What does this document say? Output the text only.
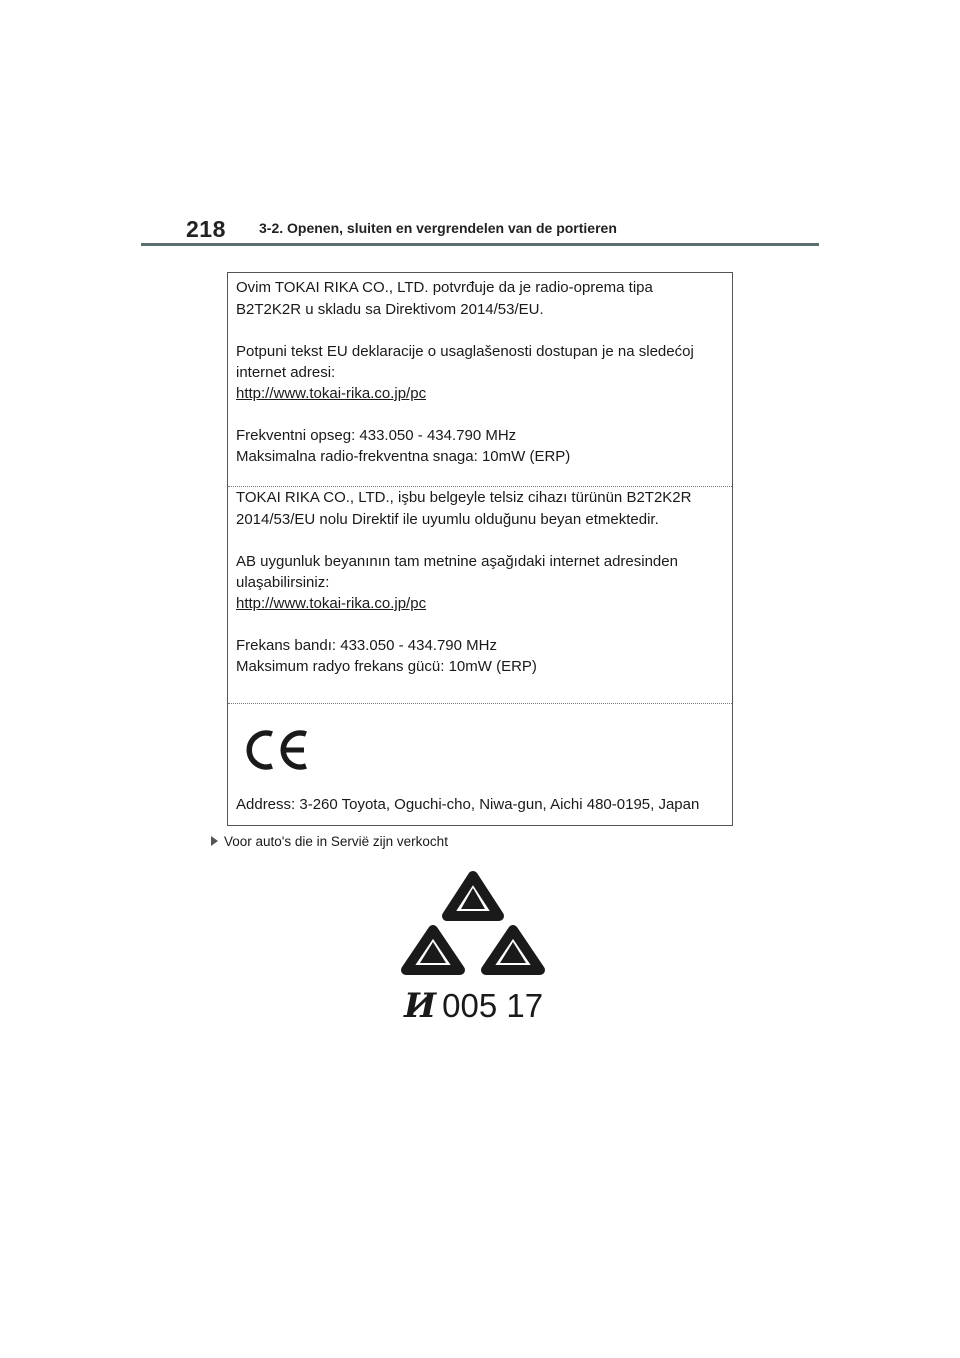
218 3-2. Openen, sluiten en vergrendelen van de portieren
Ovim TOKAI RIKA CO., LTD. potvrđuje da je radio-oprema tipa
B2T2K2R u skladu sa Direktivom 2014/53/EU.
Potpuni tekst EU deklaracije o usaglašenosti dostupan je na sledećoj
internet adresi:
http://www.tokai-rika.co.jp/pc
Frekventni opseg: 433.050 - 434.790 MHz
Maksimalna radio-frekventna snaga: 10mW (ERP)
TOKAI RIKA CO., LTD., işbu belgeyle telsiz cihazı türünün B2T2K2R
2014/53/EU nolu Direktif ile uyumlu olduğunu beyan etmektedir.
AB uygunluk beyanının tam metnine aşağıdaki internet adresinden
ulaşabilirsiniz:
http://www.tokai-rika.co.jp/pc
Frekans bandı: 433.050 - 434.790 MHz
Maksimum radyo frekans gücü: 10mW (ERP)
Address: 3-260 Toyota, Oguchi-cho, Niwa-gun, Aichi 480-0195, Japan
Voor auto's die in Servië zijn verkocht
И 005 17
